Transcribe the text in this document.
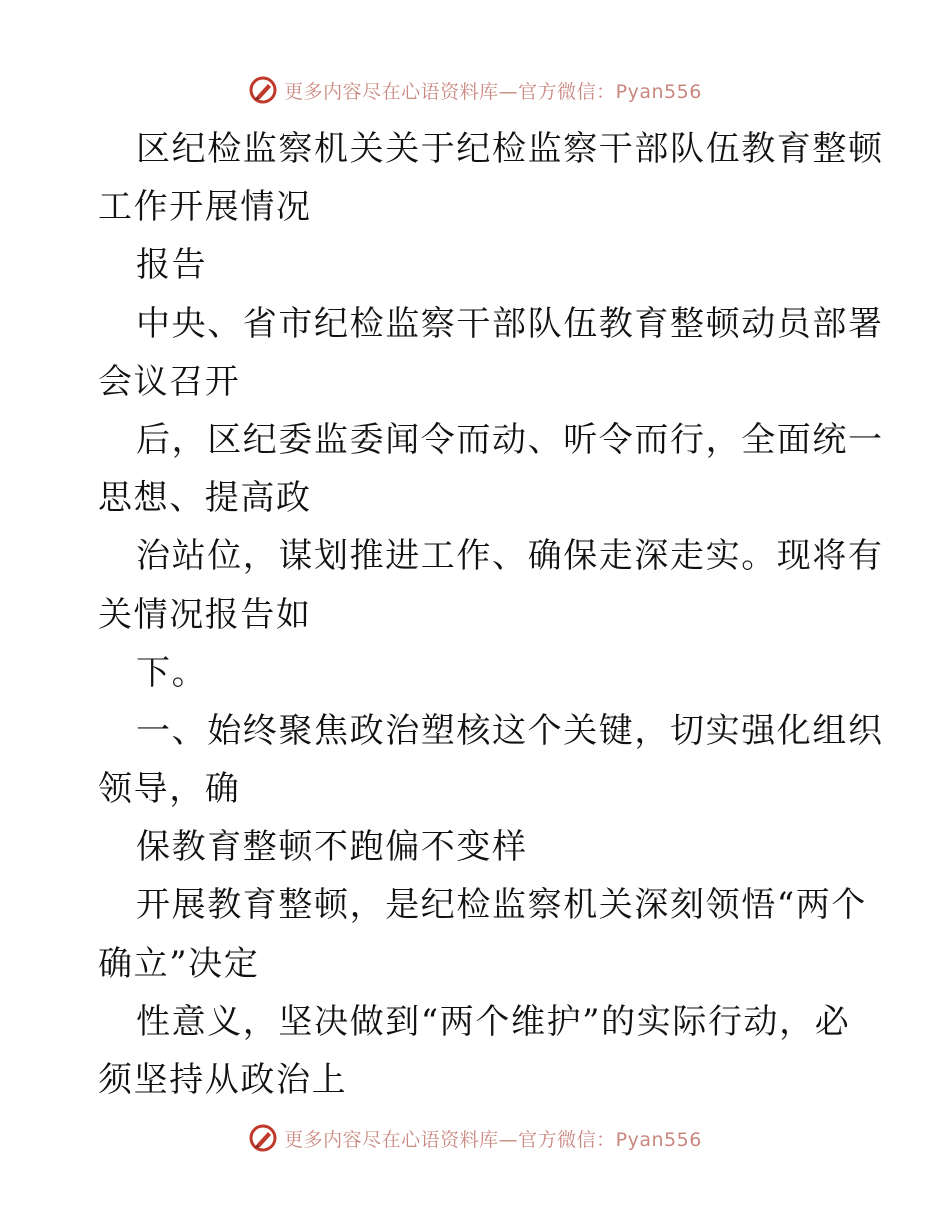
更多内容尽在心语资料库—官方微信：Pyan556
区纪检监察机关关于纪检监察干部队伍教育整顿
工作开展情况
报告
中央、省市纪检监察干部队伍教育整顿动员部署
会议召开
后，区纪委监委闻令而动、听令而行，全面统一
思想、提高政
治站位，谋划推进工作、确保走深走实。现将有
关情况报告如
下。
一、始终聚焦政治塑核这个关键，切实强化组织
领导，确
保教育整顿不跑偏不变样
开展教育整顿，是纪检监察机关深刻领悟“两个
确立”决定
性意义，坚决做到“两个维护”的实际行动，必
须坚持从政治上
更多内容尽在心语资料库—官方微信：Pyan556
